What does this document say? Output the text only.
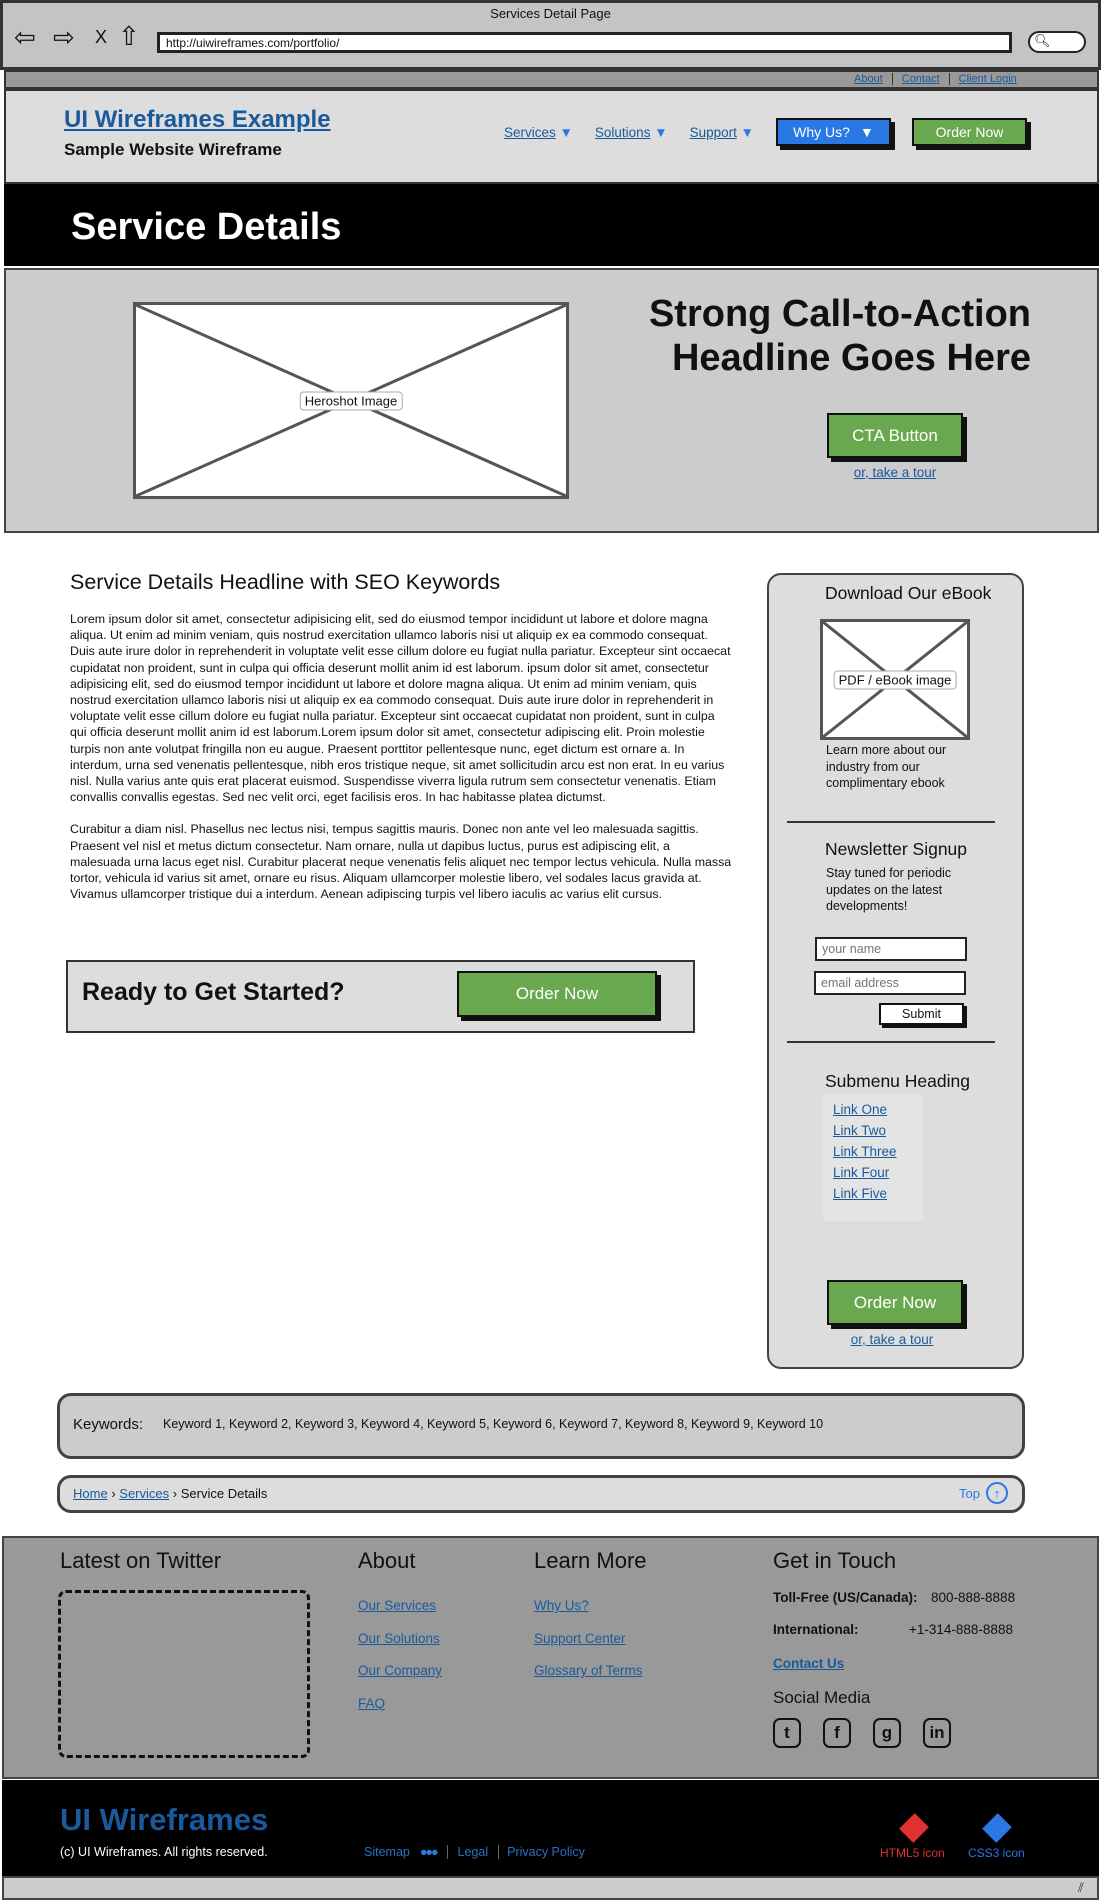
Services Detail Page
⇦ ⇨ X ⇧	http://uiwireframes.com/portfolio/	🔍︎
About	Contact	Client Login
UI Wireframes Example
Sample Website Wireframe
Services ▼ Solutions ▼ Support ▼	Why Us? ▼	Order Now
Service Details
Heroshot Image
Strong Call-to-Action
Headline Goes Here
CTA Button
or, take a tour
Service Details Headline with SEO Keywords

Lorem ipsum dolor sit amet, consectetur adipisicing elit, sed do eiusmod tempor incididunt ut labore et dolore magna aliqua. Ut enim ad minim veniam, quis nostrud exercitation ullamco laboris nisi ut aliquip ex ea commodo consequat. Duis aute irure dolor in reprehenderit in voluptate velit esse cillum dolore eu fugiat nulla pariatur. Excepteur sint occaecat cupidatat non proident, sunt in culpa qui officia deserunt mollit anim id est laborum. ipsum dolor sit amet, consectetur adipisicing elit, sed do eiusmod tempor incididunt ut labore et dolore magna aliqua. Ut enim ad minim veniam, quis nostrud exercitation ullamco laboris nisi ut aliquip ex ea commodo consequat. Duis aute irure dolor in reprehenderit in voluptate velit esse cillum dolore eu fugiat nulla pariatur. Excepteur sint occaecat cupidatat non proident, sunt in culpa qui officia deserunt mollit anim id est laborum.Lorem ipsum dolor sit amet, consectetur adipiscing elit. Proin molestie turpis non ante volutpat fringilla non eu augue. Praesent porttitor pellentesque nunc, eget dictum est ornare a. In interdum, urna sed venenatis pellentesque, nibh eros tristique neque, sit amet sollicitudin arcu est non erat. In eu varius nisl. Nulla varius ante quis erat placerat euismod. Suspendisse viverra ligula rutrum sem consectetur venenatis. Etiam convallis convallis egestas. Sed nec velit orci, eget facilisis eros. In hac habitasse platea dictumst.

Curabitur a diam nisl. Phasellus nec lectus nisi, tempus sagittis mauris. Donec non ante vel leo malesuada sagittis. Praesent vel nisl et metus dictum consectetur. Nam ornare, nulla ut dapibus luctus, purus est adipiscing elit, a malesuada urna lacus eget nisl. Curabitur placerat neque venenatis felis aliquet nec tempor lectus vehicula. Nulla massa tortor, vehicula id varius sit amet, ornare eu risus. Aliquam ullamcorper molestie libero, vel sodales lacus gravida at. Vivamus ullamcorper tristique dui a interdum. Aenean adipiscing turpis vel libero iaculis ac varius elit cursus.

Ready to Get Started?	Order Now
Download Our eBook
PDF / eBook image
Learn more about our industry from our complimentary ebook
Newsletter Signup
Stay tuned for periodic updates on the latest developments!
your name
email address
Submit
Submenu Heading
Link One
Link Two
Link Three
Link Four
Link Five
Order Now
or, take a tour
Keywords: Keyword 1, Keyword 2, Keyword 3, Keyword 4, Keyword 5, Keyword 6, Keyword 7, Keyword 8, Keyword 9, Keyword 10
Home › Services › Service Details	Top	↑
Latest on Twitter	About
Our Services
Our Solutions
Our Company
FAQ
Learn More
Why Us?
Support Center
Glossary of Terms
Get in Touch
Toll-Free (US/Canada): 800-888-8888
International:	+1-314-888-8888
Contact Us
Social Media
t	f	g	in
UI Wireframes
(c) UI Wireframes. All rights reserved.	Sitemap ●●●	Legal	Privacy Policy	HTML5 icon CSS3 icon
⫽
